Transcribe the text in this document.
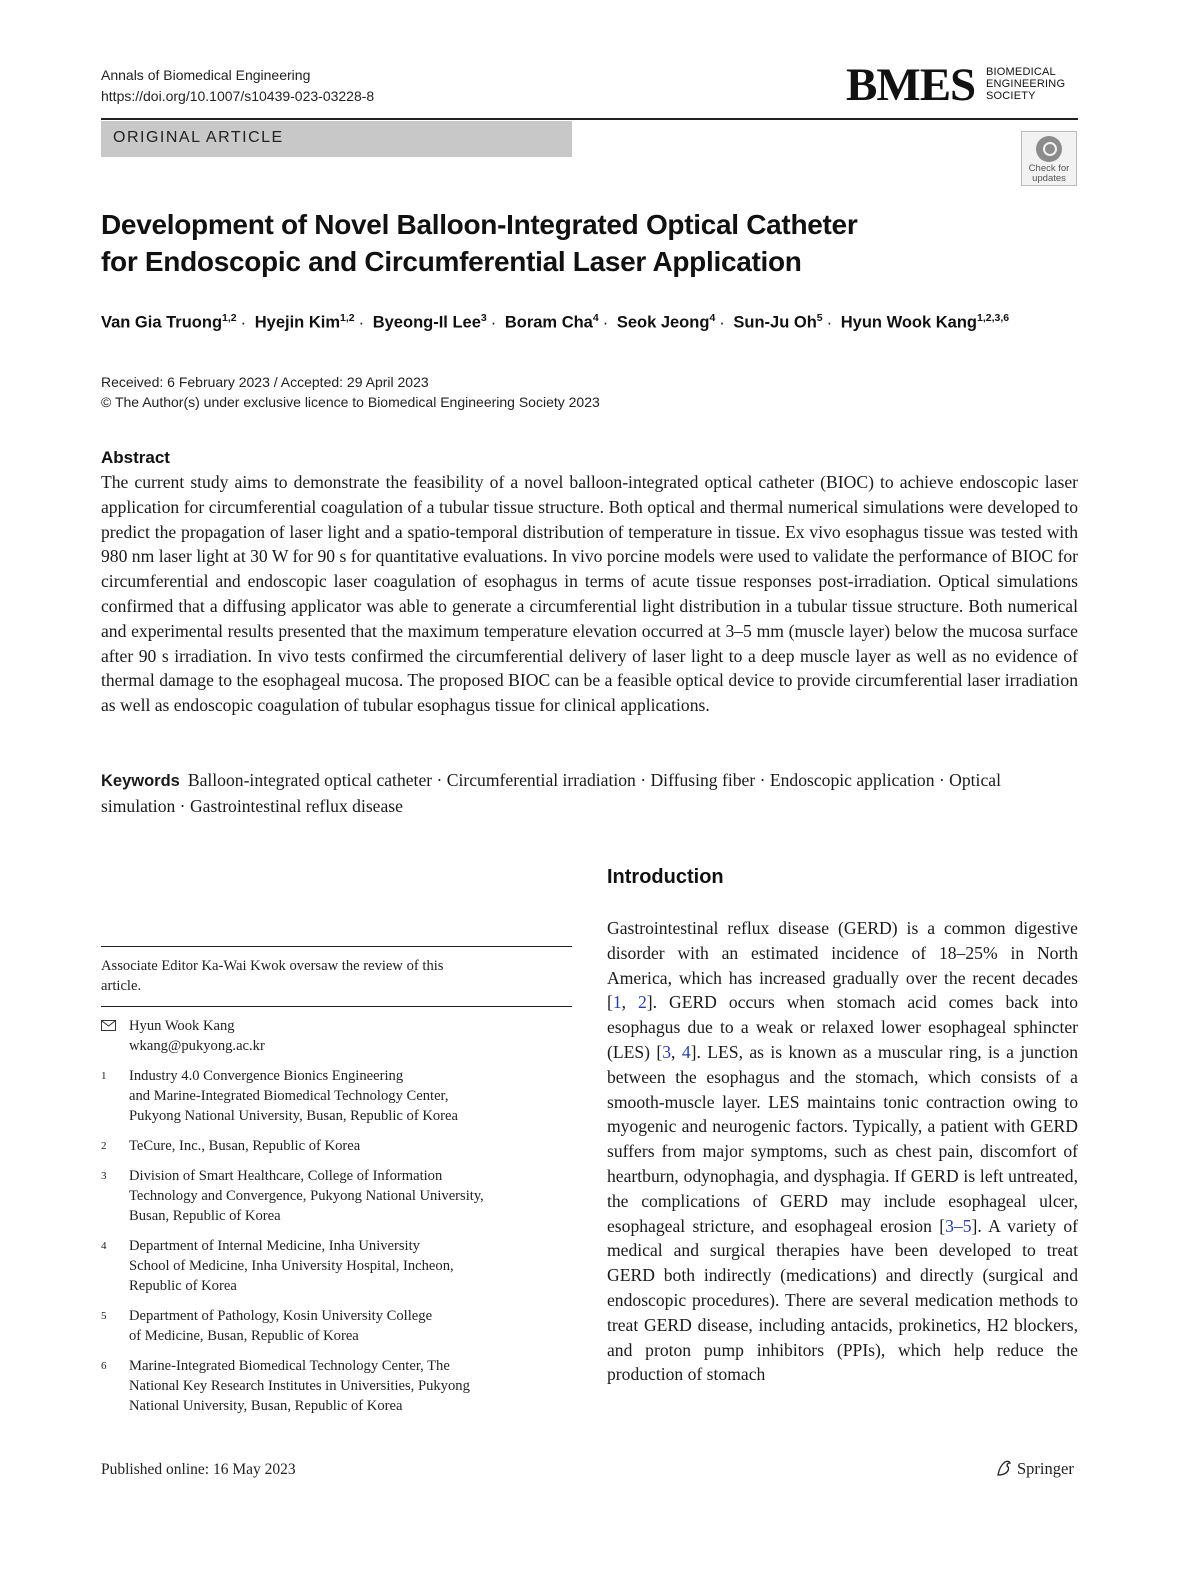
Annals of Biomedical Engineering
https://doi.org/10.1007/s10439-023-03228-8	BMES BIOMEDICAL
ENGINEERING
SOCIETY
ORIGINAL ARTICLE
Check for
updates
Development of Novel Balloon-Integrated Optical Catheter
for Endoscopic and Circumferential Laser Application
Van Gia Truong$^{1,2}$ · Hyejin Kim$^{1,2}$ · Byeong-Il Lee$^3$ · Boram Cha$^4$ · Seok Jeong$^4$ · Sun-Ju $Oh^5$ · Hyun Wook Kang$^{1,2,3,6}$
Received: 6 February 2023 / Accepted: 29 April 2023
© The Author(s) under exclusive licence to Biomedical Engineering Society 2023
Abstract

The current study aims to demonstrate the feasibility of a novel balloon-integrated optical catheter (BIOC) to achieve endoscopic laser application for circumferential coagulation of a tubular tissue structure. Both optical and thermal numerical simulations were developed to predict the propagation of laser light and a spatio-temporal distribution of temperature in tissue. Ex vivo esophagus tissue was tested with 980 nm laser light at 30 W for 90 s for quantitative evaluations. In vivo porcine models were used to validate the performance of BIOC for circumferential and endoscopic laser coagulation of esophagus in terms of acute tissue responses post-irradiation. Optical simulations confirmed that a diffusing applicator was able to generate a circumferential light distribution in a tubular tissue structure. Both numerical and experimental results presented that the maximum temperature elevation occurred at 3–5 mm (muscle layer) below the mucosa surface after 90 s irradiation. In vivo tests confirmed the circumferential delivery of laser light to a deep muscle layer as well as no evidence of thermal damage to the esophageal mucosa. The proposed BIOC can be a feasible optical device to provide circumferential laser irradiation as well as endoscopic coagulation of tubular esophagus tissue for clinical applications.

Keywords Balloon-integrated optical catheter · Circumferential irradiation · Diffusing fiber · Endoscopic application · Optical simulation · Gastrointestinal reflux disease
Introduction

Gastrointestinal reflux disease (GERD) is a common digestive disorder with an estimated incidence of 18–25% in North America, which has increased gradually over the recent decades [1, 2]. GERD occurs when stomach acid comes back into esophagus due to a weak or relaxed lower esophageal sphincter (LES) [3, 4]. LES, as is known as a muscular ring, is a junction between the esophagus and the stomach, which consists of a smooth-muscle layer. LES maintains tonic contraction owing to myogenic and neurogenic factors. Typically, a patient with GERD suffers from major symptoms, such as chest pain, discomfort of heartburn, odynophagia, and dysphagia. If GERD is left untreated, the complications of GERD may include esophageal ulcer, esophageal stricture, and esophageal erosion [3–5]. A variety of medical and surgical therapies have been developed to treat GERD both indirectly (medications) and directly (surgical and endoscopic procedures). There are several medication methods to treat GERD disease, including antacids, prokinetics, H2 blockers, and proton pump inhibitors (PPIs), which help reduce the production of stomach

Associate Editor Ka-Wai Kwok oversaw the review of this
article.
Hyun Wook Kang
wkang@pukyong.ac.kr
1 Industry 4.0 Convergence Bionics Engineering
and Marine-Integrated Biomedical Technology Center,
Pukyong National University, Busan, Republic of Korea
2 TeCure, Inc., Busan, Republic of Korea
3 Division of Smart Healthcare, College of Information
Technology and Convergence, Pukyong National University,
Busan, Republic of Korea
4 Department of Internal Medicine, Inha University
School of Medicine, Inha University Hospital, Incheon,
Republic of Korea
5 Department of Pathology, Kosin University College
of Medicine, Busan, Republic of Korea
6 Marine-Integrated Biomedical Technology Center, The
National Key Research Institutes in Universities, Pukyong
National University, Busan, Republic of Korea
Published online: 16 May 2023	Springer
